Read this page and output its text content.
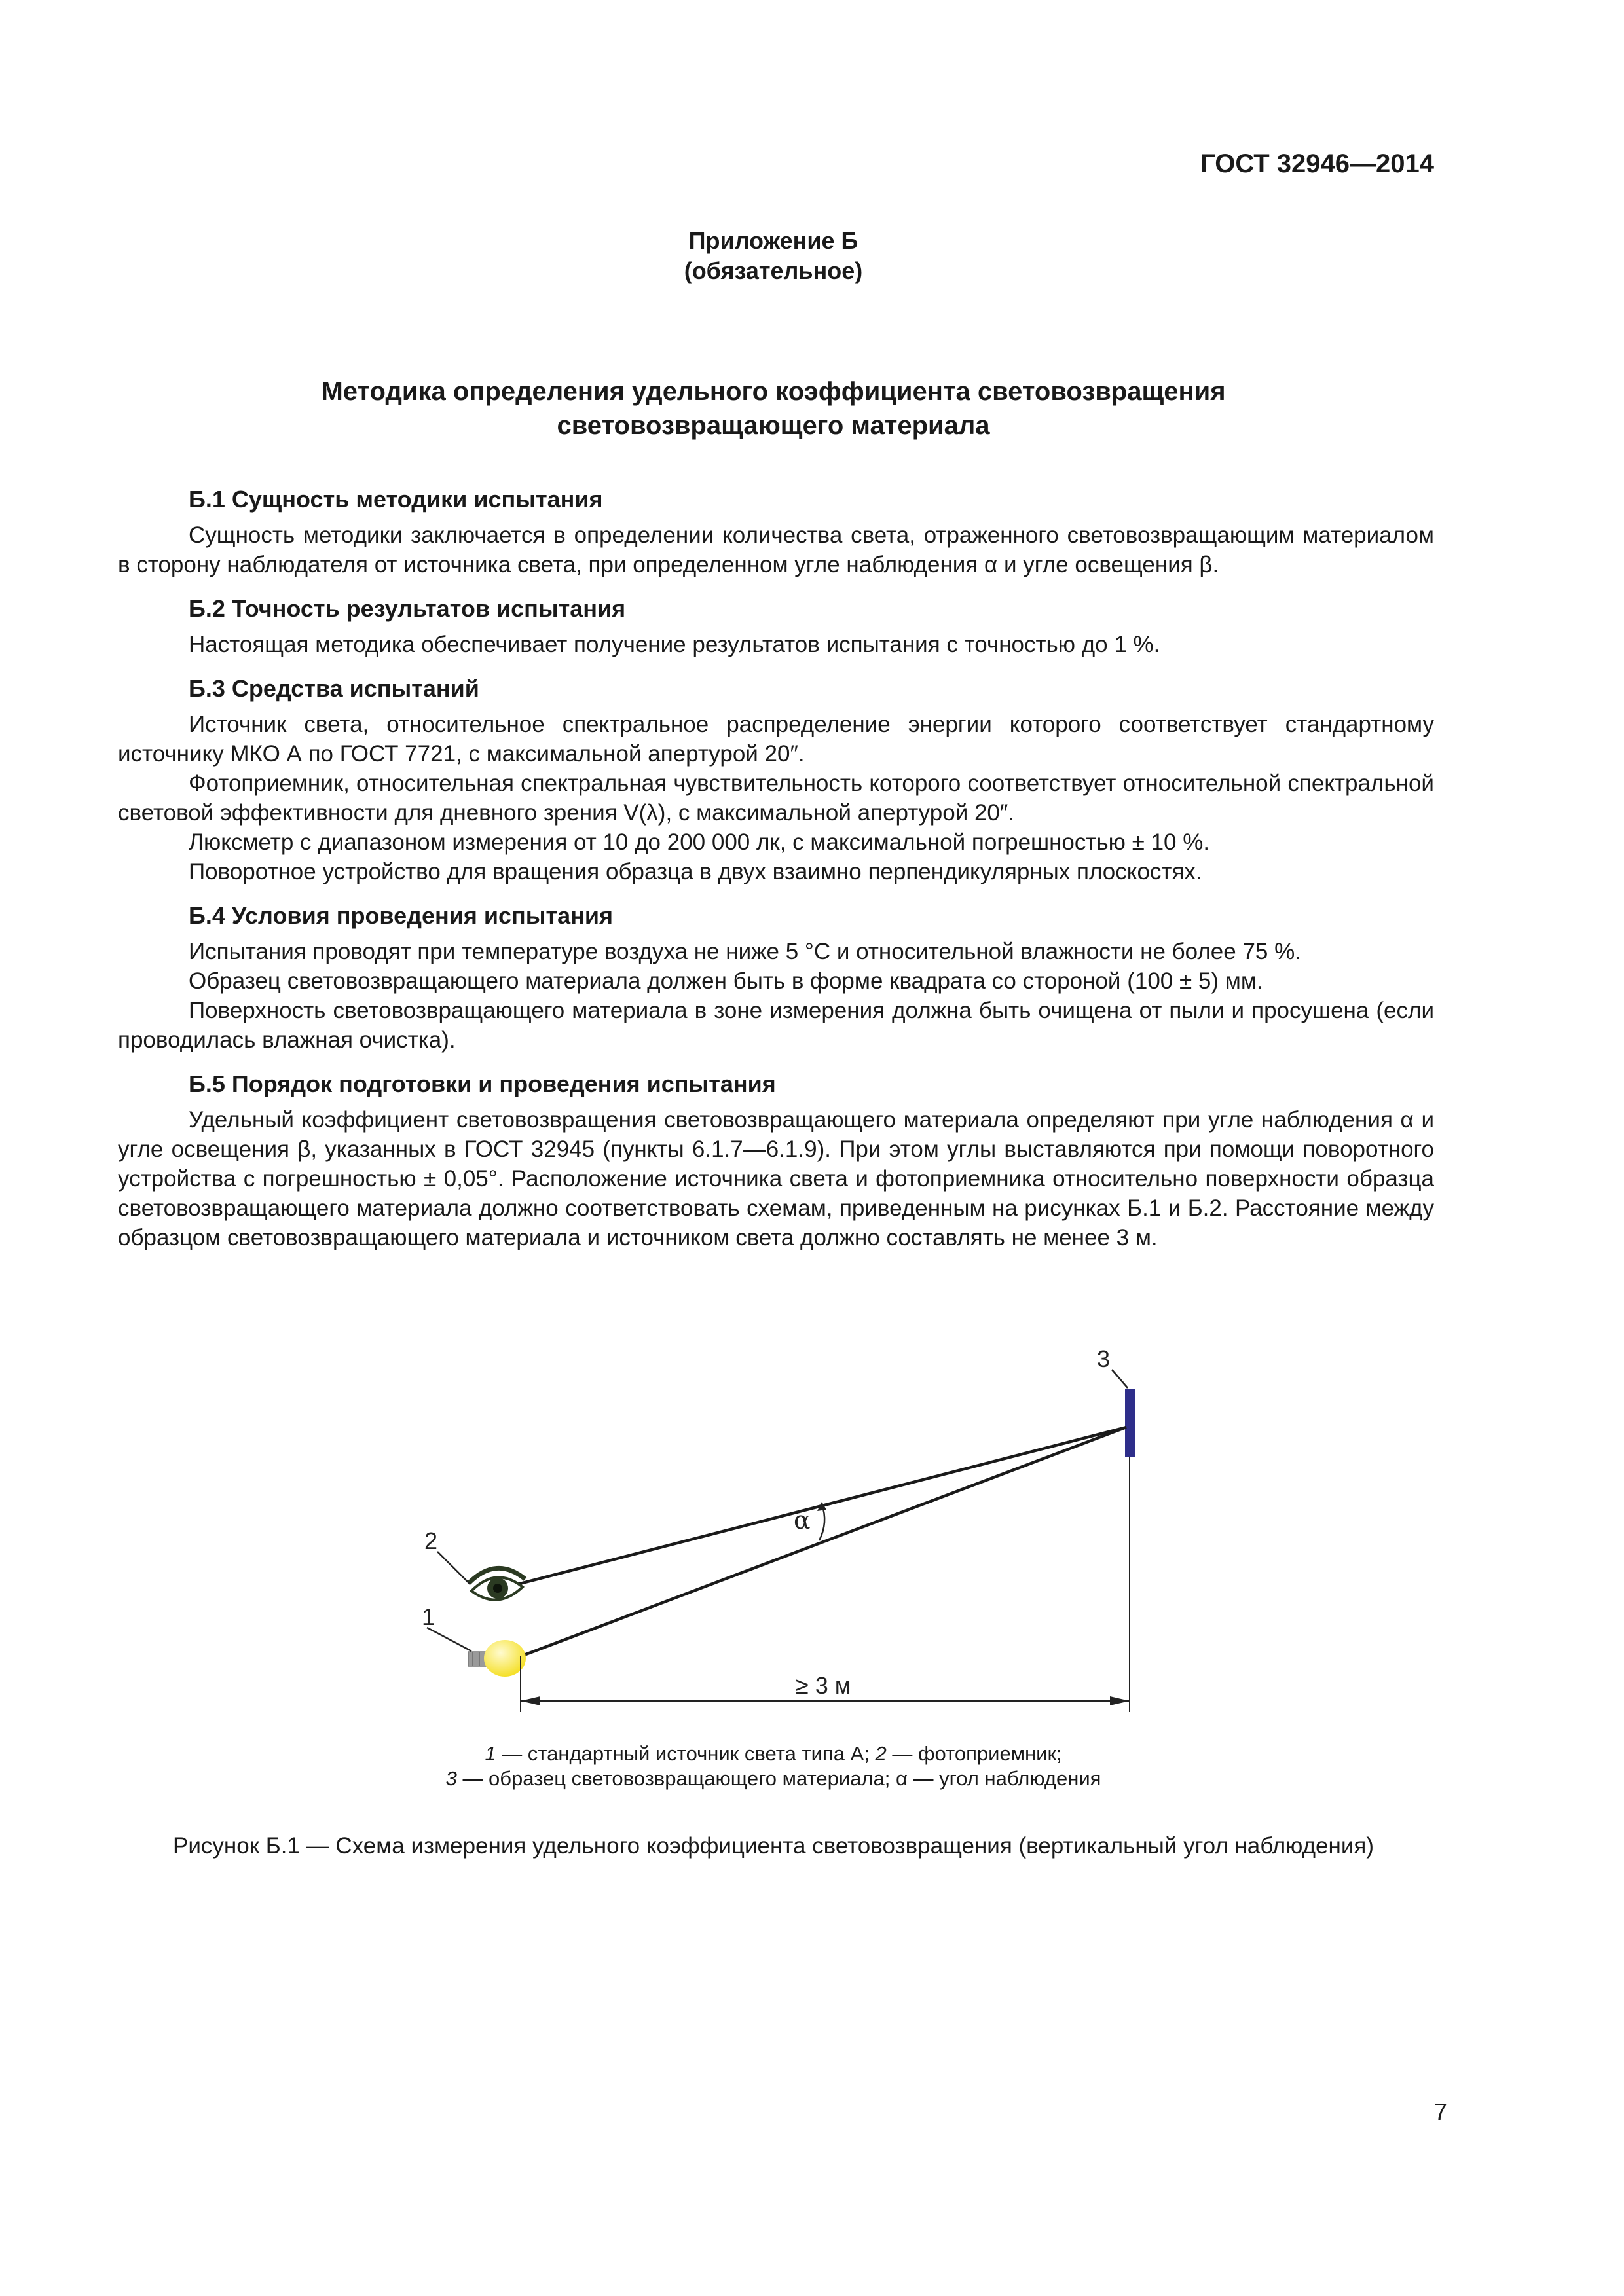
ГОСТ 32946—2014

Приложение Б

(обязательное)

Методика определения удельного коэффициента световозвращения
световозвращающего материала
Б.1 Сущность методики испытания

Сущность методики заключается в определении количества света, отраженного световозвращающим материалом в сторону наблюдателя от источника света, при определенном угле наблюдения α и угле освещения β.

Б.2 Точность результатов испытания

Настоящая методика обеспечивает получение результатов испытания с точностью до 1 %.

Б.3 Средства испытаний

Источник света, относительное спектральное распределение энергии которого соответствует стандартному источнику МКО А по ГОСТ 7721, с максимальной апертурой 20″.

Фотоприемник, относительная спектральная чувствительность которого соответствует относительной спектральной световой эффективности для дневного зрения V(λ), с максимальной апертурой 20″.

Люксметр с диапазоном измерения от 10 до 200 000 лк, с максимальной погрешностью ± 10 %.

Поворотное устройство для вращения образца в двух взаимно перпендикулярных плоскостях.

Б.4 Условия проведения испытания

Испытания проводят при температуре воздуха не ниже 5 °С и относительной влажности не более 75 %.

Образец световозвращающего материала должен быть в форме квадрата со стороной (100 ± 5) мм.

Поверхность световозвращающего материала в зоне измерения должна быть очищена от пыли и просушена (если проводилась влажная очистка).

Б.5 Порядок подготовки и проведения испытания

Удельный коэффициент световозвращения световозвращающего материала определяют при угле наблюдения α и угле освещения β, указанных в ГОСТ 32945 (пункты 6.1.7—6.1.9). При этом углы выставляются при помощи поворотного устройства с погрешностью ± 0,05°. Расположение источника света и фотоприемника относительно поверхности образца световозвращающего материала должно соответствовать схемам, приведенным на рисунках Б.1 и Б.2. Расстояние между образцом световозвращающего материала и источником света должно составлять не менее 3 м.

3
α
2
1
≥ 3 м

1 — стандартный источник света типа А; 2 — фотоприемник;

3 — образец световозвращающего материала; α — угол наблюдения

Рисунок Б.1 — Схема измерения удельного коэффициента световозвращения (вертикальный угол наблюдения)

7
